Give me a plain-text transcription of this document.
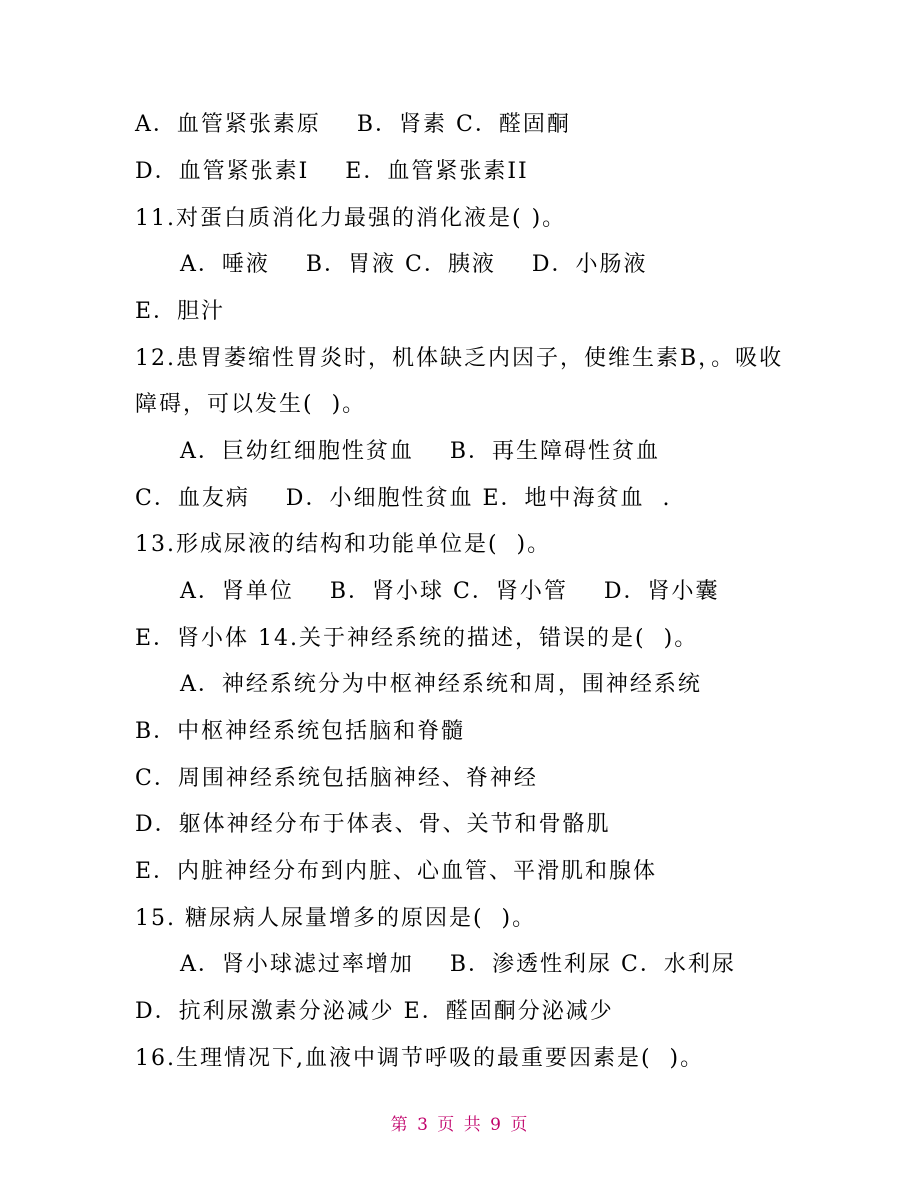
A．血管紧张素原    B．肾素 C．醛固酮
D．血管紧张素I    E．血管紧张素II
11.对蛋白质消化力最强的消化液是( )。
A．唾液    B．胃液 C．胰液    D．小肠液
E．胆汁
12.患胃萎缩性胃炎时，机体缺乏内因子，使维生素B，。吸收
障碍，可以发生(  )。
A．巨幼红细胞性贫血    B．再生障碍性贫血
C．血友病    D．小细胞性贫血 E．地中海贫血  .
13.形成尿液的结构和功能单位是(  )。
A．肾单位    B．肾小球 C．肾小管    D．肾小囊
E．肾小体 14.关于神经系统的描述，错误的是(  )。
A．神经系统分为中枢神经系统和周，围神经系统
B．中枢神经系统包括脑和脊髓
C．周围神经系统包括脑神经、脊神经
D．躯体神经分布于体表、骨、关节和骨骼肌
E．内脏神经分布到内脏、心血管、平滑肌和腺体
15. 糖尿病人尿量增多的原因是(  )。
A．肾小球滤过率增加    B．渗透性利尿 C．水利尿
D．抗利尿激素分泌减少 E．醛固酮分泌减少
16.生理情况下,血液中调节呼吸的最重要因素是(  )。
第 3 页 共 9 页
